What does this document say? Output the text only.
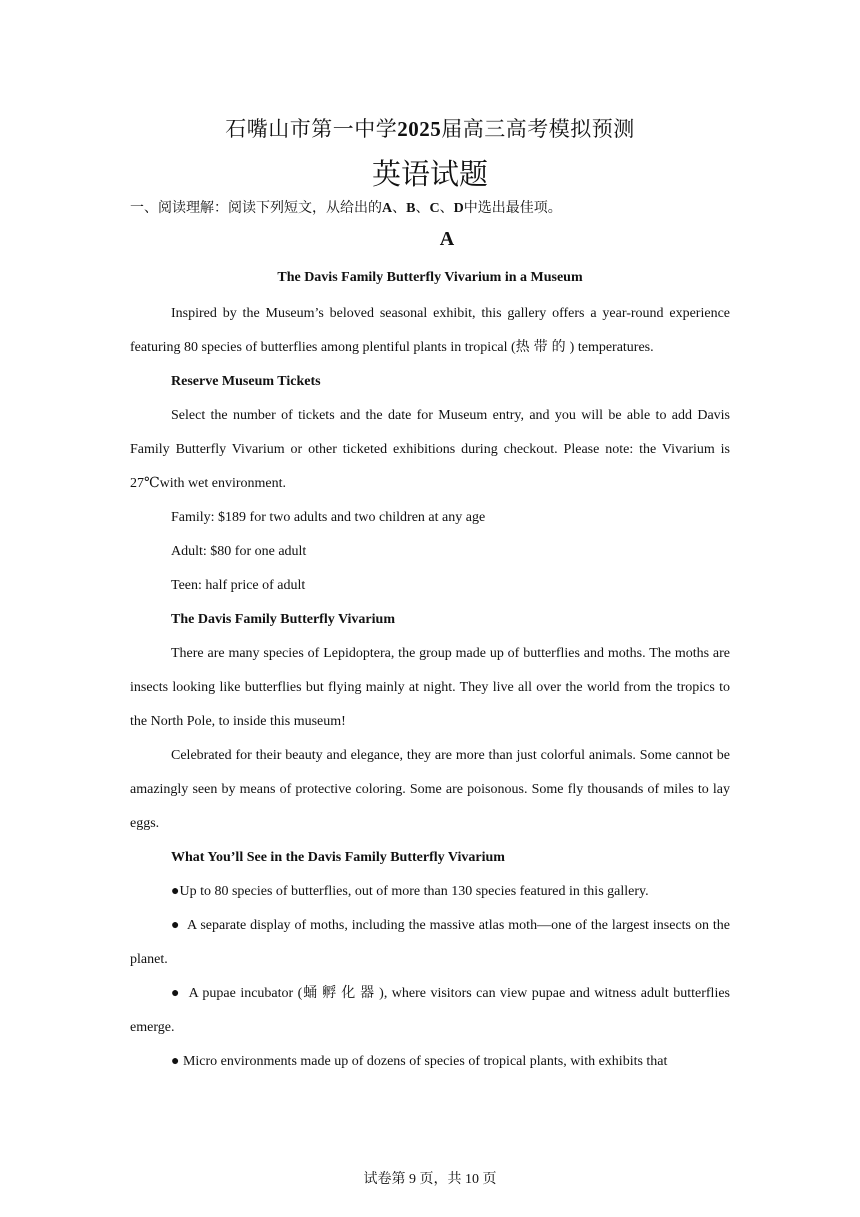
石嘴山市第一中学2025届高三高考模拟预测
英语试题
一、阅读理解：阅读下列短文，从给出的A、B、C、D中选出最佳项。
A
The Davis Family Butterfly Vivarium in a Museum

Inspired by the Museum’s beloved seasonal exhibit, this gallery offers a year-round experience featuring 80 species of butterflies among plentiful plants in tropical (热带的) temperatures.

Reserve Museum Tickets

Select the number of tickets and the date for Museum entry, and you will be able to add Davis Family Butterfly Vivarium or other ticketed exhibitions during checkout. Please note: the Vivarium is 27℃with wet environment.

Family: $189 for two adults and two children at any age

Adult: $80 for one adult

Teen: half price of adult

The Davis Family Butterfly Vivarium

There are many species of Lepidoptera, the group made up of butterflies and moths. The moths are insects looking like butterflies but flying mainly at night. They live all over the world from the tropics to the North Pole, to inside this museum!

Celebrated for their beauty and elegance, they are more than just colorful animals. Some cannot be amazingly seen by means of protective coloring. Some are poisonous. Some fly thousands of miles to lay eggs.

What You’ll See in the Davis Family Butterfly Vivarium

●Up to 80 species of butterflies, out of more than 130 species featured in this gallery.

● A separate display of moths, including the massive atlas moth—one of the largest insects on the planet.

● A pupae incubator (蛹孵化器), where visitors can view pupae and witness adult butterflies emerge.

● Micro environments made up of dozens of species of tropical plants, with exhibits that

试卷第 9 页，共 10 页
